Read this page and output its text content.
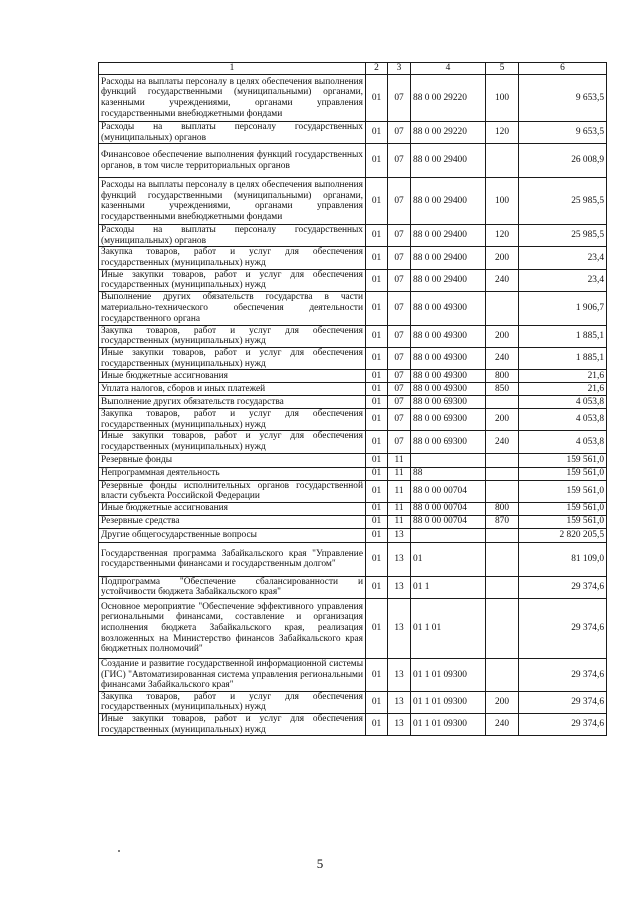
1	2	3	4	5	6
Расходы на выплаты персоналу в целях обеспечения выполнения функций государственными (муниципальными) органами, казенными учреждениями, органами управления государственными внебюджетными фондами	01	07	88 0 00 29220	100	9 653,5
Расходы на выплаты персоналу государственных (муниципальных) органов	01	07	88 0 00 29220	120	9 653,5
Финансовое обеспечение выполнения функций государственных органов, в том числе территориальных органов	01	07	88 0 00 29400		26 008,9
Расходы на выплаты персоналу в целях обеспечения выполнения функций государственными (муниципальными) органами, казенными учреждениями, органами управления государственными внебюджетными фондами	01	07	88 0 00 29400	100	25 985,5
Расходы на выплаты персоналу государственных (муниципальных) органов	01	07	88 0 00 29400	120	25 985,5
Закупка товаров, работ и услуг для обеспечения государственных (муниципальных) нужд	01	07	88 0 00 29400	200	23,4
Иные закупки товаров, работ и услуг для обеспечения государственных (муниципальных) нужд	01	07	88 0 00 29400	240	23,4
Выполнение других обязательств государства в части материально-технического обеспечения деятельности государственного органа	01	07	88 0 00 49300		1 906,7
Закупка товаров, работ и услуг для обеспечения государственных (муниципальных) нужд	01	07	88 0 00 49300	200	1 885,1
Иные закупки товаров, работ и услуг для обеспечения государственных (муниципальных) нужд	01	07	88 0 00 49300	240	1 885,1
Иные бюджетные ассигнования	01	07	88 0 00 49300	800	21,6
Уплата налогов, сборов и иных платежей	01	07	88 0 00 49300	850	21,6
Выполнение других обязательств государства	01	07	88 0 00 69300		4 053,8
Закупка товаров, работ и услуг для обеспечения государственных (муниципальных) нужд	01	07	88 0 00 69300	200	4 053,8
Иные закупки товаров, работ и услуг для обеспечения государственных (муниципальных) нужд	01	07	88 0 00 69300	240	4 053,8
Резервные фонды	01	11			159 561,0
Непрограммная деятельность	01	11	88		159 561,0
Резервные фонды исполнительных органов государственной власти субъекта Российской Федерации	01	11	88 0 00 00704		159 561,0
Иные бюджетные ассигнования	01	11	88 0 00 00704	800	159 561,0
Резервные средства	01	11	88 0 00 00704	870	159 561,0
Другие общегосударственные вопросы	01	13			2 820 205,5
Государственная программа Забайкальского края "Управление государственными финансами и государственным долгом"	01	13	01		81 109,0
Подпрограмма "Обеспечение сбалансированности и устойчивости бюджета Забайкальского края"	01	13	01 1		29 374,6
Основное мероприятие "Обеспечение эффективного управления региональными финансами, составление и организация исполнения бюджета Забайкальского края, реализация возложенных на Министерство финансов Забайкальского края бюджетных полномочий"	01	13	01 1 01		29 374,6
Создание и развитие государственной информационной системы (ГИС) "Автоматизированная система управления региональными финансами Забайкальского края"	01	13	01 1 01 09300		29 374,6
Закупка товаров, работ и услуг для обеспечения государственных (муниципальных) нужд	01	13	01 1 01 09300	200	29 374,6
Иные закупки товаров, работ и услуг для обеспечения государственных (муниципальных) нужд	01	13	01 1 01 09300	240	29 374,6
5
